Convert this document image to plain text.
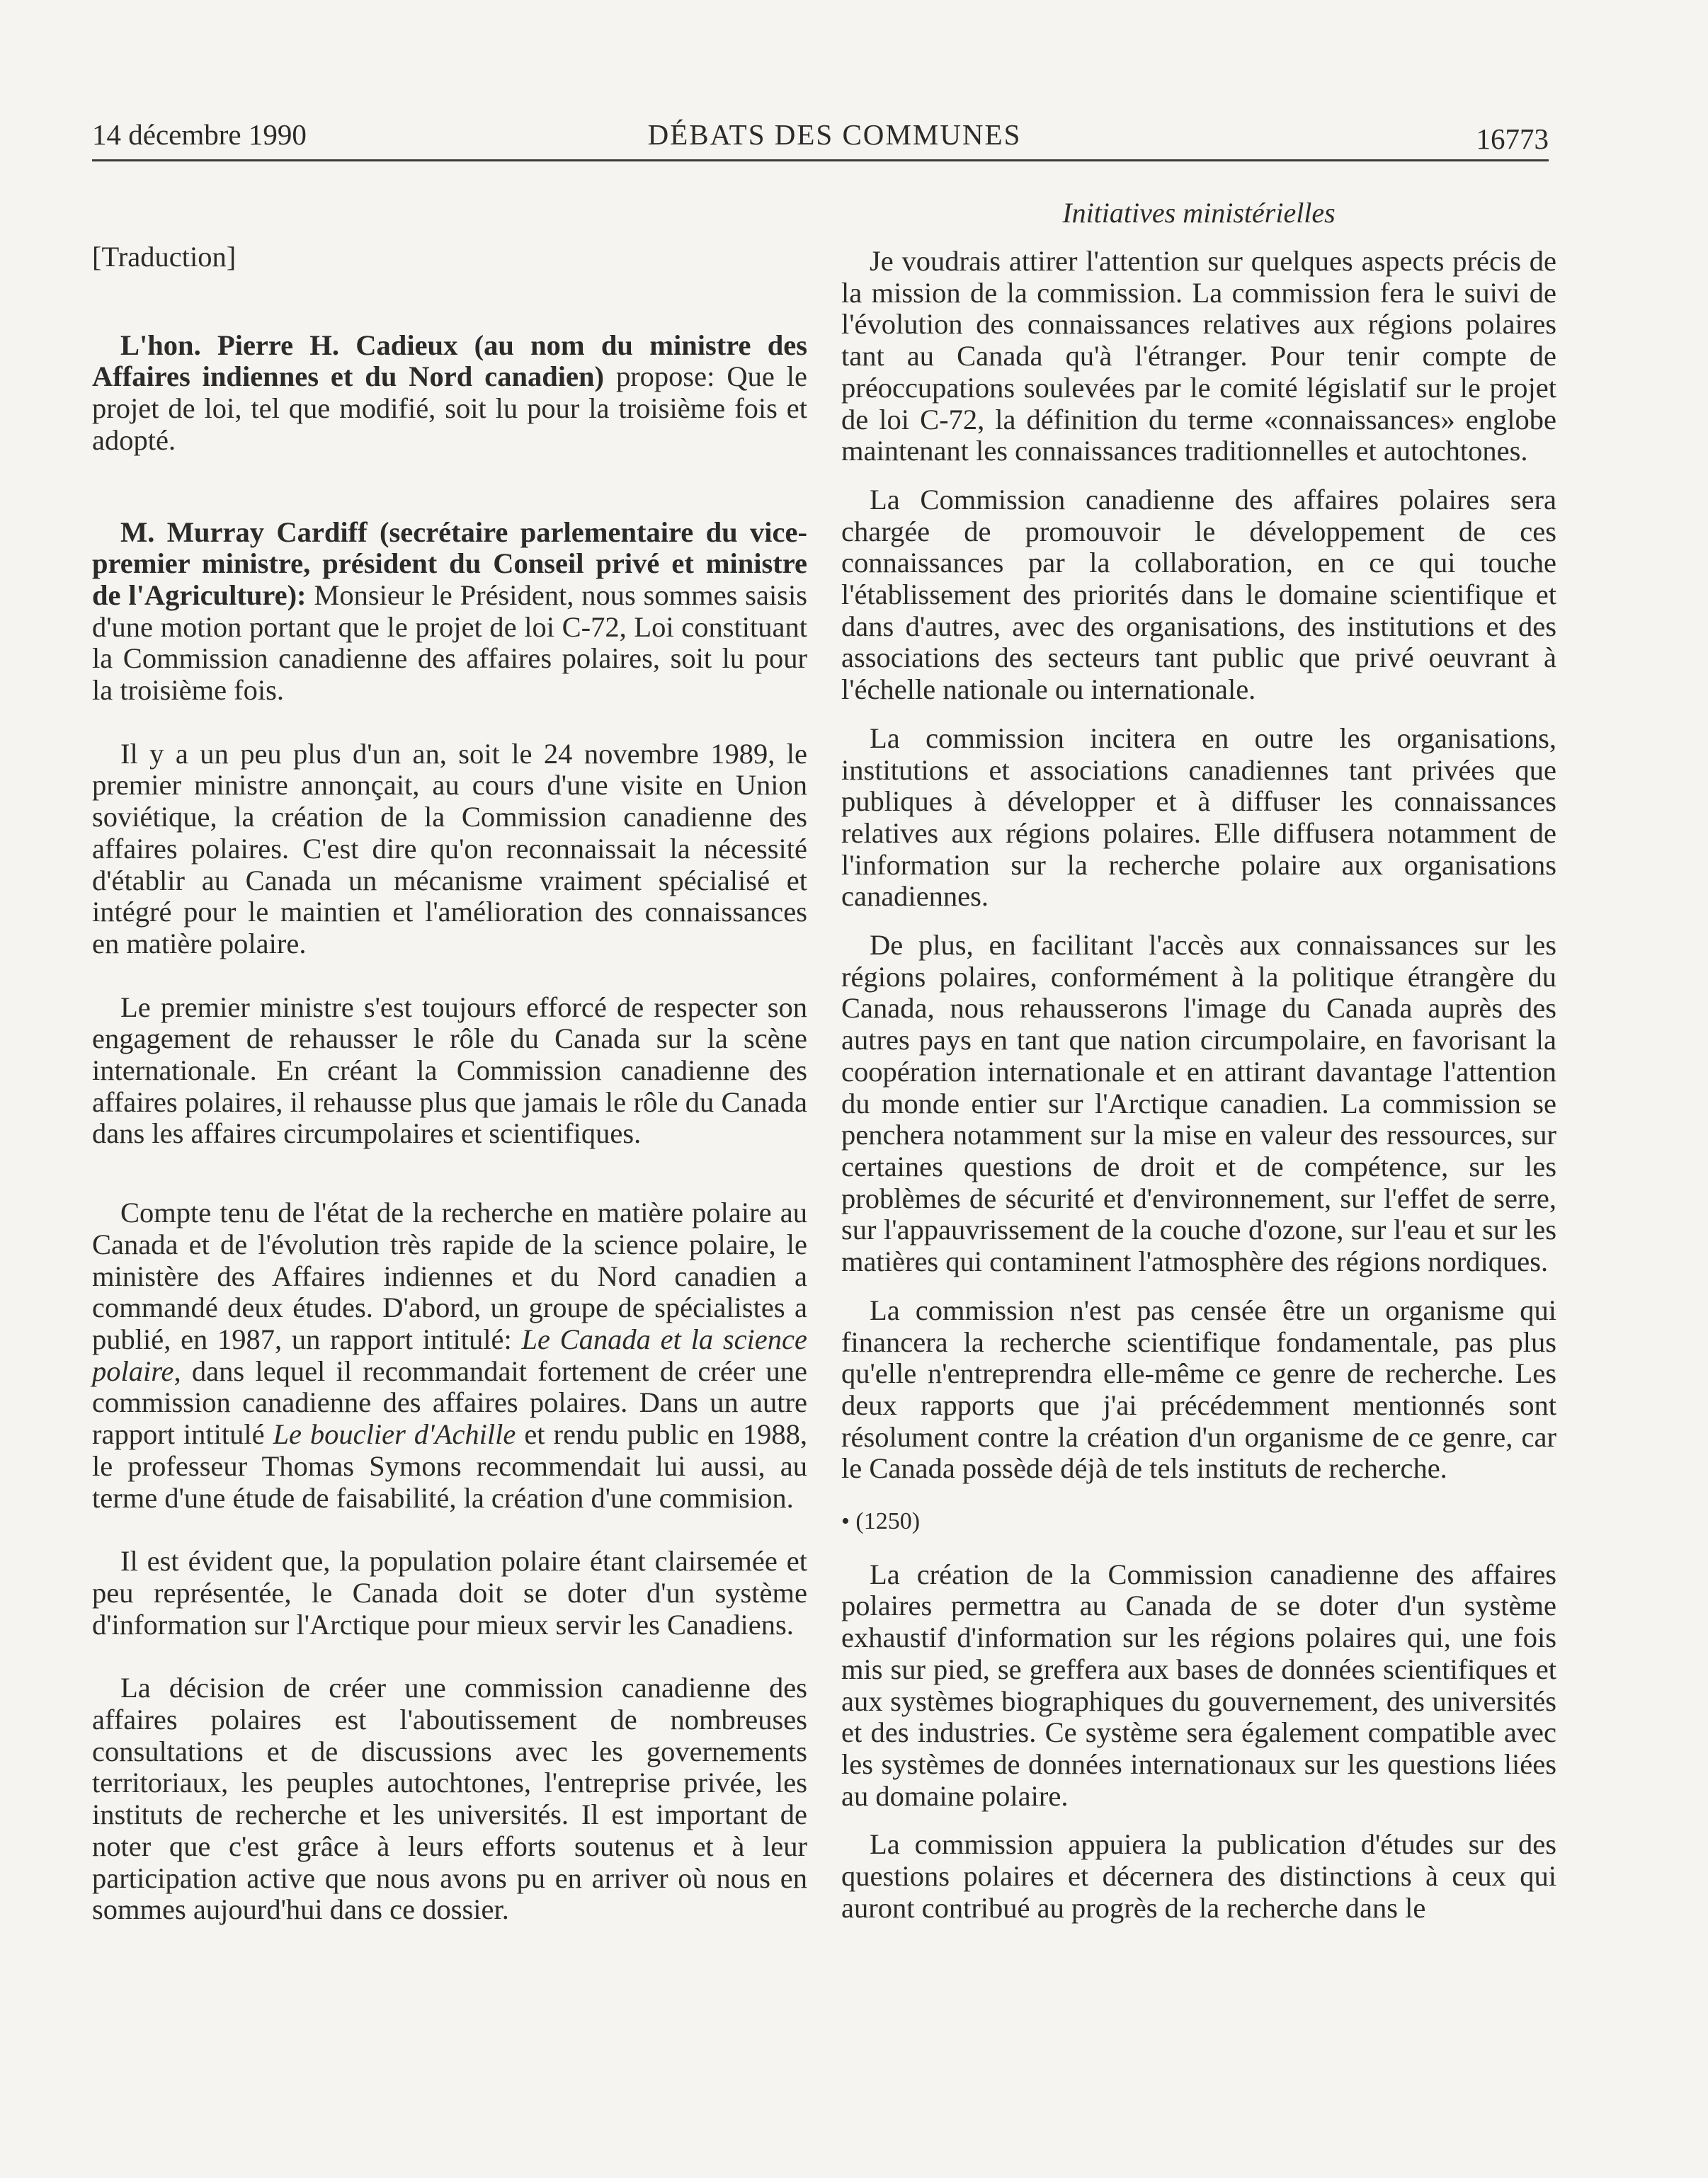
14 décembre 1990	DÉBATS DES COMMUNES	16773
Initiatives ministérielles

[Traduction]

L'hon. Pierre H. Cadieux (au nom du ministre des Affaires indiennes et du Nord canadien) propose: Que le projet de loi, tel que modifié, soit lu pour la troisième fois et adopté.

M. Murray Cardiff (secrétaire parlementaire du vice-premier ministre, président du Conseil privé et ministre de l'Agriculture): Monsieur le Président, nous sommes saisis d'une motion portant que le projet de loi C-72, Loi constituant la Commission canadienne des affaires polaires, soit lu pour la troisième fois.

Il y a un peu plus d'un an, soit le 24 novembre 1989, le premier ministre annonçait, au cours d'une visite en Union soviétique, la création de la Commission canadienne des affaires polaires. C'est dire qu'on reconnaissait la nécessité d'établir au Canada un mécanisme vraiment spécialisé et intégré pour le maintien et l'amélioration des connaissances en matière polaire.

Le premier ministre s'est toujours efforcé de respecter son engagement de rehausser le rôle du Canada sur la scène internationale. En créant la Commission canadienne des affaires polaires, il rehausse plus que jamais le rôle du Canada dans les affaires circumpolaires et scientifiques.

Compte tenu de l'état de la recherche en matière polaire au Canada et de l'évolution très rapide de la science polaire, le ministère des Affaires indiennes et du Nord canadien a commandé deux études. D'abord, un groupe de spécialistes a publié, en 1987, un rapport intitulé: Le Canada et la science polaire, dans lequel il recommandait fortement de créer une commission canadienne des affaires polaires. Dans un autre rapport intitulé Le bouclier d'Achille et rendu public en 1988, le professeur Thomas Symons recommendait lui aussi, au terme d'une étude de faisabilité, la création d'une commision.

Il est évident que, la population polaire étant clairsemée et peu représentée, le Canada doit se doter d'un système d'information sur l'Arctique pour mieux servir les Canadiens.

La décision de créer une commission canadienne des affaires polaires est l'aboutissement de nombreuses consultations et de discussions avec les governements territoriaux, les peuples autochtones, l'entreprise privée, les instituts de recherche et les universités. Il est important de noter que c'est grâce à leurs efforts soutenus et à leur participation active que nous avons pu en arriver où nous en sommes aujourd'hui dans ce dossier.

Je voudrais attirer l'attention sur quelques aspects précis de la mission de la commission. La commission fera le suivi de l'évolution des connaissances relatives aux régions polaires tant au Canada qu'à l'étranger. Pour tenir compte de préoccupations soulevées par le comité législatif sur le projet de loi C-72, la définition du terme «connaissances» englobe maintenant les connaissances traditionnelles et autochtones.

La Commission canadienne des affaires polaires sera chargée de promouvoir le développement de ces connaissances par la collaboration, en ce qui touche l'établissement des priorités dans le domaine scientifique et dans d'autres, avec des organisations, des institutions et des associations des secteurs tant public que privé oeuvrant à l'échelle nationale ou internationale.

La commission incitera en outre les organisations, institutions et associations canadiennes tant privées que publiques à développer et à diffuser les connaissances relatives aux régions polaires. Elle diffusera notamment de l'information sur la recherche polaire aux organisations canadiennes.

De plus, en facilitant l'accès aux connaissances sur les régions polaires, conformément à la politique étrangère du Canada, nous rehausserons l'image du Canada auprès des autres pays en tant que nation circumpolaire, en favorisant la coopération internationale et en attirant davantage l'attention du monde entier sur l'Arctique canadien. La commission se penchera notamment sur la mise en valeur des ressources, sur certaines questions de droit et de compétence, sur les problèmes de sécurité et d'environnement, sur l'effet de serre, sur l'appauvrissement de la couche d'ozone, sur l'eau et sur les matières qui contaminent l'atmosphère des régions nordiques.

La commission n'est pas censée être un organisme qui financera la recherche scientifique fondamentale, pas plus qu'elle n'entreprendra elle-même ce genre de recherche. Les deux rapports que j'ai précédemment mentionnés sont résolument contre la création d'un organisme de ce genre, car le Canada possède déjà de tels instituts de recherche.

• (1250)

La création de la Commission canadienne des affaires polaires permettra au Canada de se doter d'un système exhaustif d'information sur les régions polaires qui, une fois mis sur pied, se greffera aux bases de données scientifiques et aux systèmes biographiques du gouvernement, des universités et des industries. Ce système sera également compatible avec les systèmes de données internationaux sur les questions liées au domaine polaire.

La commission appuiera la publication d'études sur des questions polaires et décernera des distinctions à ceux qui auront contribué au progrès de la recherche dans le
